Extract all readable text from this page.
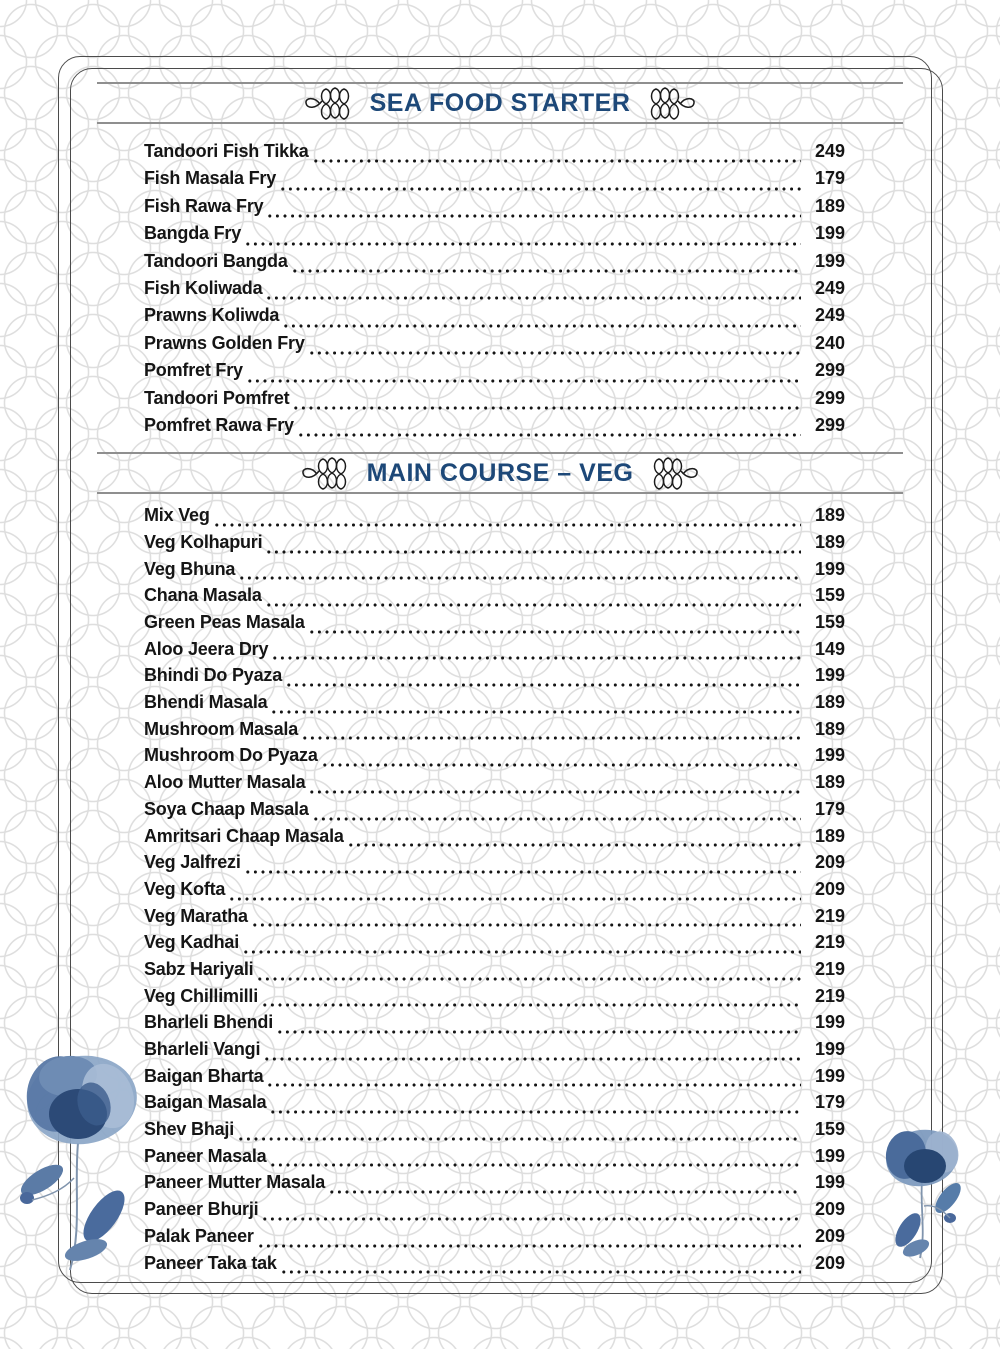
SEA FOOD STARTER
Tandoori Fish Tikka	249
Fish Masala Fry	179
Fish Rawa Fry	189
Bangda Fry	199
Tandoori Bangda	199
Fish Koliwada	249
Prawns Koliwda	249
Prawns Golden Fry	240
Pomfret Fry	299
Tandoori Pomfret	299
Pomfret Rawa Fry	299
MAIN COURSE – VEG
Mix Veg	189
Veg Kolhapuri	189
Veg Bhuna	199
Chana Masala	159
Green Peas Masala	159
Aloo Jeera Dry	149
Bhindi Do Pyaza	199
Bhendi Masala	189
Mushroom Masala	189
Mushroom Do Pyaza	199
Aloo Mutter Masala	189
Soya Chaap Masala	179
Amritsari Chaap Masala	189
Veg Jalfrezi	209
Veg Kofta	209
Veg Maratha	219
Veg Kadhai	219
Sabz Hariyali	219
Veg Chillimilli	219
Bharleli Bhendi	199
Bharleli Vangi	199
Baigan Bharta	199
Baigan Masala	179
Shev Bhaji	159
Paneer Masala	199
Paneer Mutter Masala	199
Paneer Bhurji	209
Palak Paneer	209
Paneer Taka tak	209
